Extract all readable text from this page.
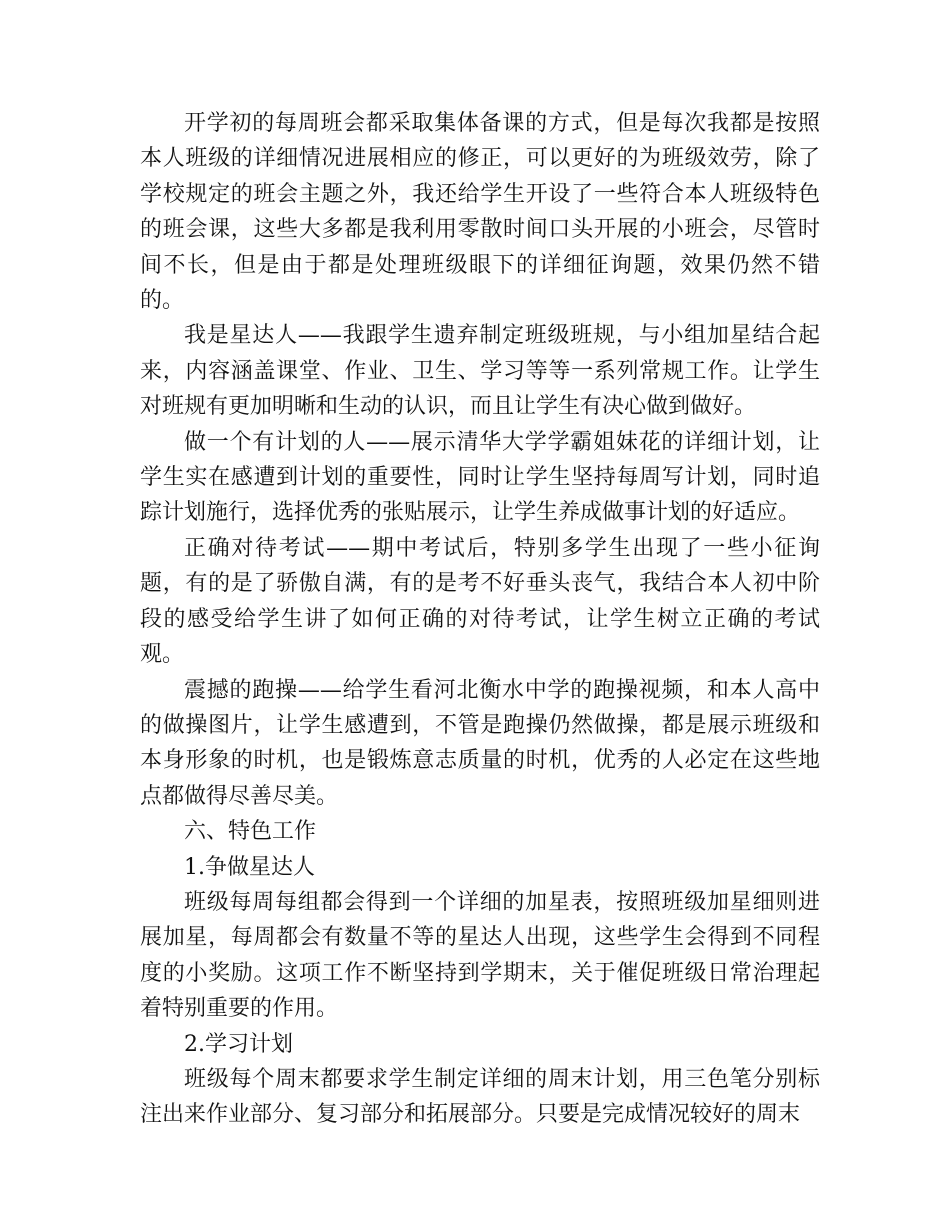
开学初的每周班会都采取集体备课的方式，但是每次我都是按照本人班级的详细情况进展相应的修正，可以更好的为班级效劳，除了学校规定的班会主题之外，我还给学生开设了一些符合本人班级特色的班会课，这些大多都是我利用零散时间口头开展的小班会，尽管时间不长，但是由于都是处理班级眼下的详细征询题，效果仍然不错的。

我是星达人——我跟学生遗弃制定班级班规，与小组加星结合起来，内容涵盖课堂、作业、卫生、学习等等一系列常规工作。让学生对班规有更加明晰和生动的认识，而且让学生有决心做到做好。

做一个有计划的人——展示清华大学学霸姐妹花的详细计划，让学生实在感遭到计划的重要性，同时让学生坚持每周写计划，同时追踪计划施行，选择优秀的张贴展示，让学生养成做事计划的好适应。

正确对待考试——期中考试后，特别多学生出现了一些小征询题，有的是了骄傲自满，有的是考不好垂头丧气，我结合本人初中阶段的感受给学生讲了如何正确的对待考试，让学生树立正确的考试观。

震撼的跑操——给学生看河北衡水中学的跑操视频，和本人高中的做操图片，让学生感遭到，不管是跑操仍然做操，都是展示班级和本身形象的时机，也是锻炼意志质量的时机，优秀的人必定在这些地点都做得尽善尽美。

六、特色工作

1.争做星达人

班级每周每组都会得到一个详细的加星表，按照班级加星细则进展加星，每周都会有数量不等的星达人出现，这些学生会得到不同程度的小奖励。这项工作不断坚持到学期末，关于催促班级日常治理起着特别重要的作用。

2.学习计划

班级每个周末都要求学生制定详细的周末计划，用三色笔分别标注出来作业部分、复习部分和拓展部分。只要是完成情况较好的周末
